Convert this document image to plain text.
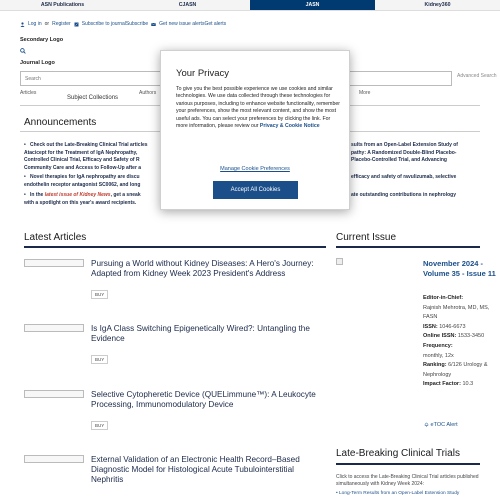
ASN Publications	CJASN	JASN	Kidney360
Log in or Register Subscribe to journalSubscribe Get new issue alertsGet alerts
Secondary Logo
Journal Logo
Search
Advanced Search
Articles	Authors	More
Subject Collections
Announcements
• Check out the Late-Breaking Clinical Trial articles
Atacicept for the Treatment of IgA Nephropathy,
Controlled Clinical Trial, Efficacy and Safety of R
Community Care and Access to Follow-Up after a
sults from an Open-Label Extension Study of
pathy: A Randomized Double-Blind Placebo-
Placebo-Controlled Trial, and Advancing
• Novel therapies for IgA nephropathy are discu
endothelin receptor antagonist SC0062, and long
efficacy and safety of ravulizumab, selective
• In the latest issue of Kidney News, get a sneak
with a spotlight on this year's award recipients.
ate outstanding contributions in nephrology
Latest Articles
Pursuing a World without Kidney Diseases: A Hero's Journey: Adapted from Kidney Week 2023 President's Address
BUY
Is IgA Class Switching Epigenetically Wired?: Untangling the Evidence
BUY
Selective Cytopheretic Device (QUELimmune™): A Leukocyte Processing, Immunomodulatory Device
BUY
External Validation of an Electronic Health Record–Based Diagnostic Model for Histological Acute Tubulointerstitial Nephritis
Current Issue
November 2024 - Volume 35 - Issue 11
Editor-in-Chief:
Rajnish Mehrotra, MD, MS, FASN
ISSN: 1046-6673
Online ISSN: 1533-3450
Frequency:
monthly, 12x
Ranking: 6/126 Urology & Nephrology
Impact Factor: 10.3
eTOC Alert
Late-Breaking Clinical Trials
Click to access the Late-Breaking Clinical Trial articles published simultaneously with Kidney Week 2024:
• Long-Term Results from an Open-Label Extension Study
Your Privacy
To give you the best possible experience we use cookies and similar technologies. We use data collected through these technologies for various purposes, including to enhance website functionality, remember your preferences, show the most relevant content, and show the most useful ads. You can select your preferences by clicking the link. For more information, please review our Privacy & Cookie Notice
Manage Cookie Preferences
Accept All Cookies
